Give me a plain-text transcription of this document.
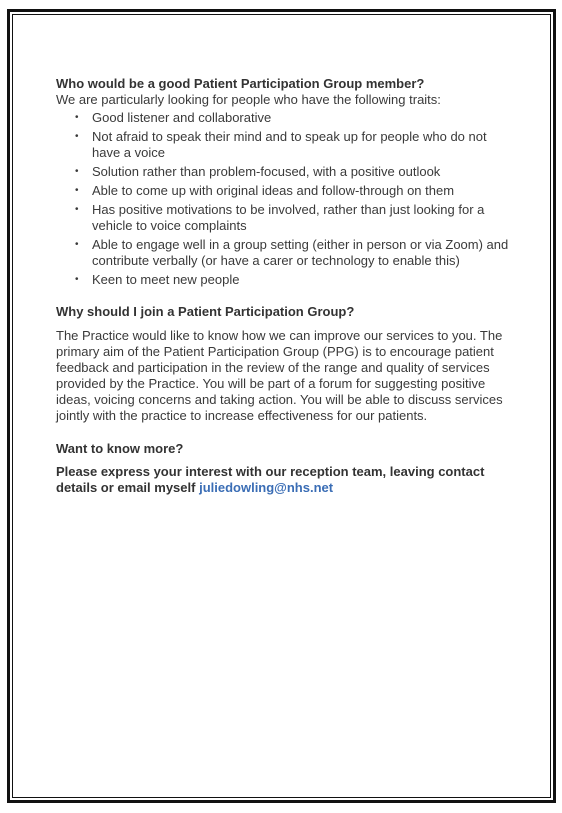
Who would be a good Patient Participation Group member?

We are particularly looking for people who have the following traits:

• Good listener and collaborative
• Not afraid to speak their mind and to speak up for people who do not have a voice
• Solution rather than problem-focused, with a positive outlook
• Able to come up with original ideas and follow-through on them
• Has positive motivations to be involved, rather than just looking for a vehicle to voice complaints
• Able to engage well in a group setting (either in person or via Zoom) and contribute verbally (or have a carer or technology to enable this)
• Keen to meet new people
Why should I join a Patient Participation Group?

The Practice would like to know how we can improve our services to you. The primary aim of the Patient Participation Group (PPG) is to encourage patient feedback and participation in the review of the range and quality of services provided by the Practice. You will be part of a forum for suggesting positive ideas, voicing concerns and taking action. You will be able to discuss services jointly with the practice to increase effectiveness for our patients.

Want to know more?

Please express your interest with our reception team, leaving contact details or email myself juliedowling@nhs.net
